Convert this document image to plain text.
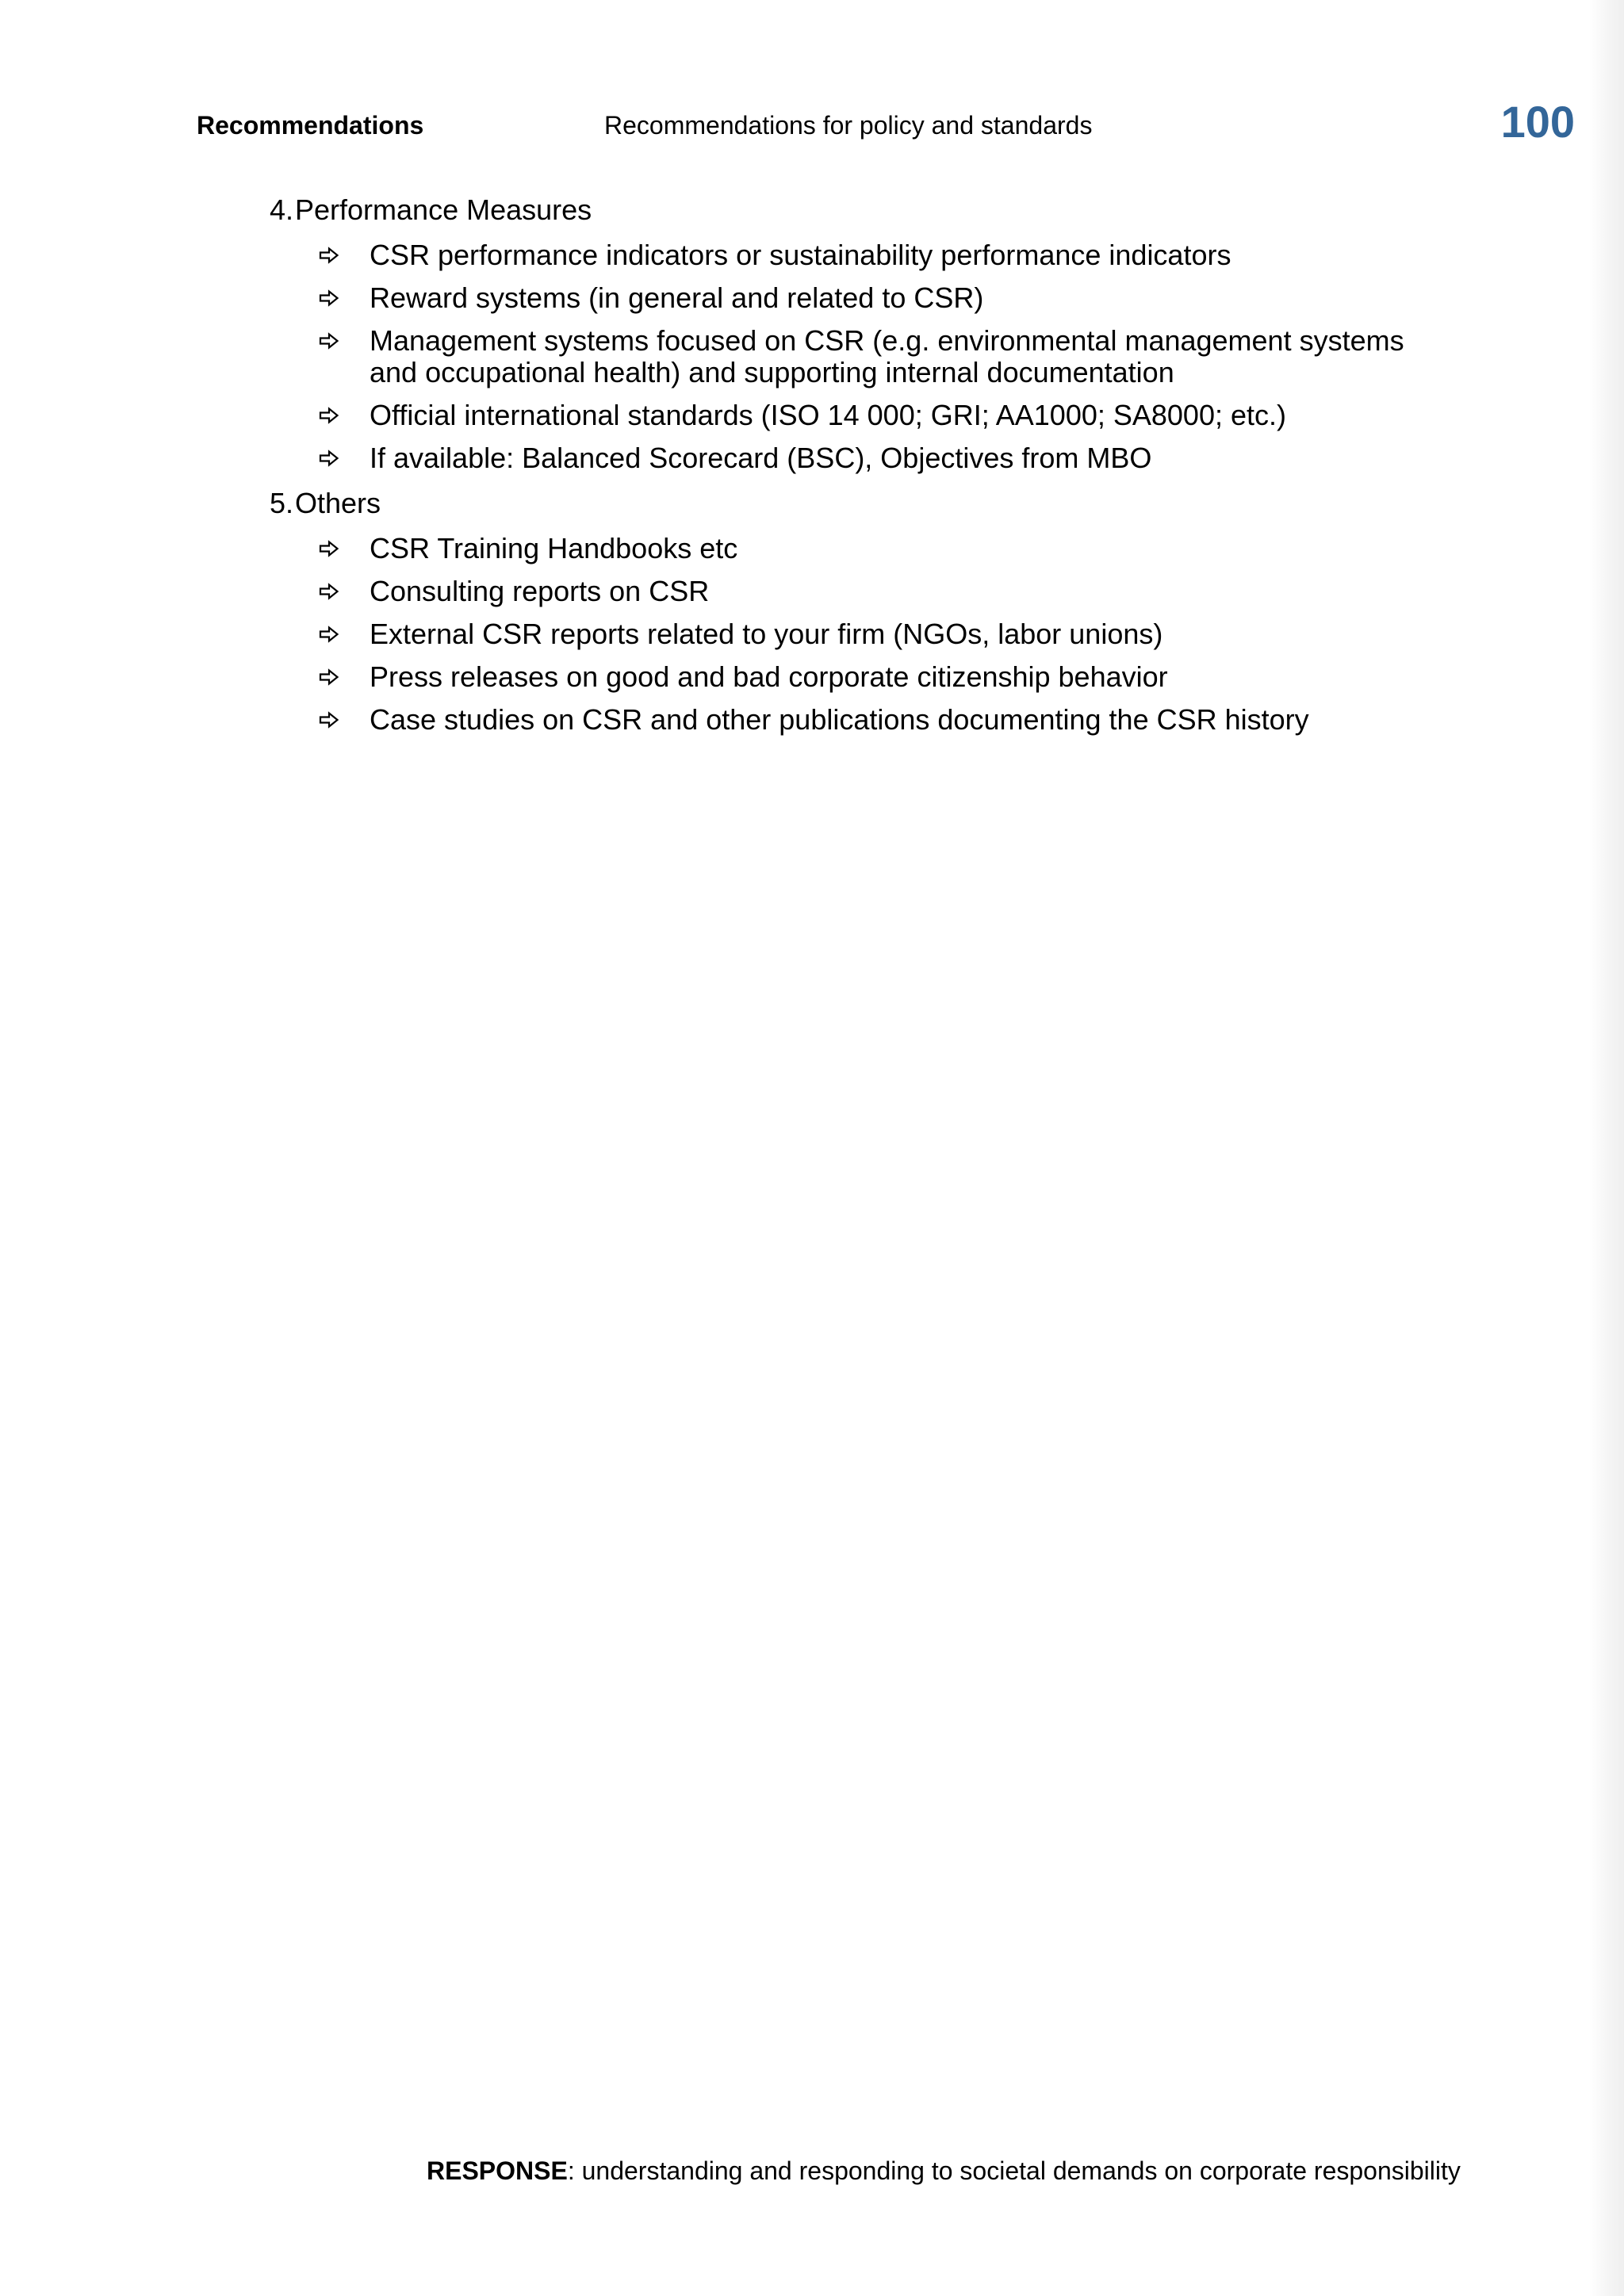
Recommendations	Recommendations for policy and standards	100
4. Performance Measures
CSR performance indicators or sustainability performance indicators
Reward systems (in general and related to CSR)
Management systems focused on CSR (e.g. environmental management systems and occupational health) and supporting internal documentation
Official international standards (ISO 14 000; GRI; AA1000; SA8000; etc.)
If available: Balanced Scorecard (BSC), Objectives from MBO
5. Others
CSR Training Handbooks etc
Consulting reports on CSR
External CSR reports related to your firm (NGOs, labor unions)
Press releases on good and bad corporate citizenship behavior
Case studies on CSR and other publications documenting the CSR history
RESPONSE: understanding and responding to societal demands on corporate responsibility
